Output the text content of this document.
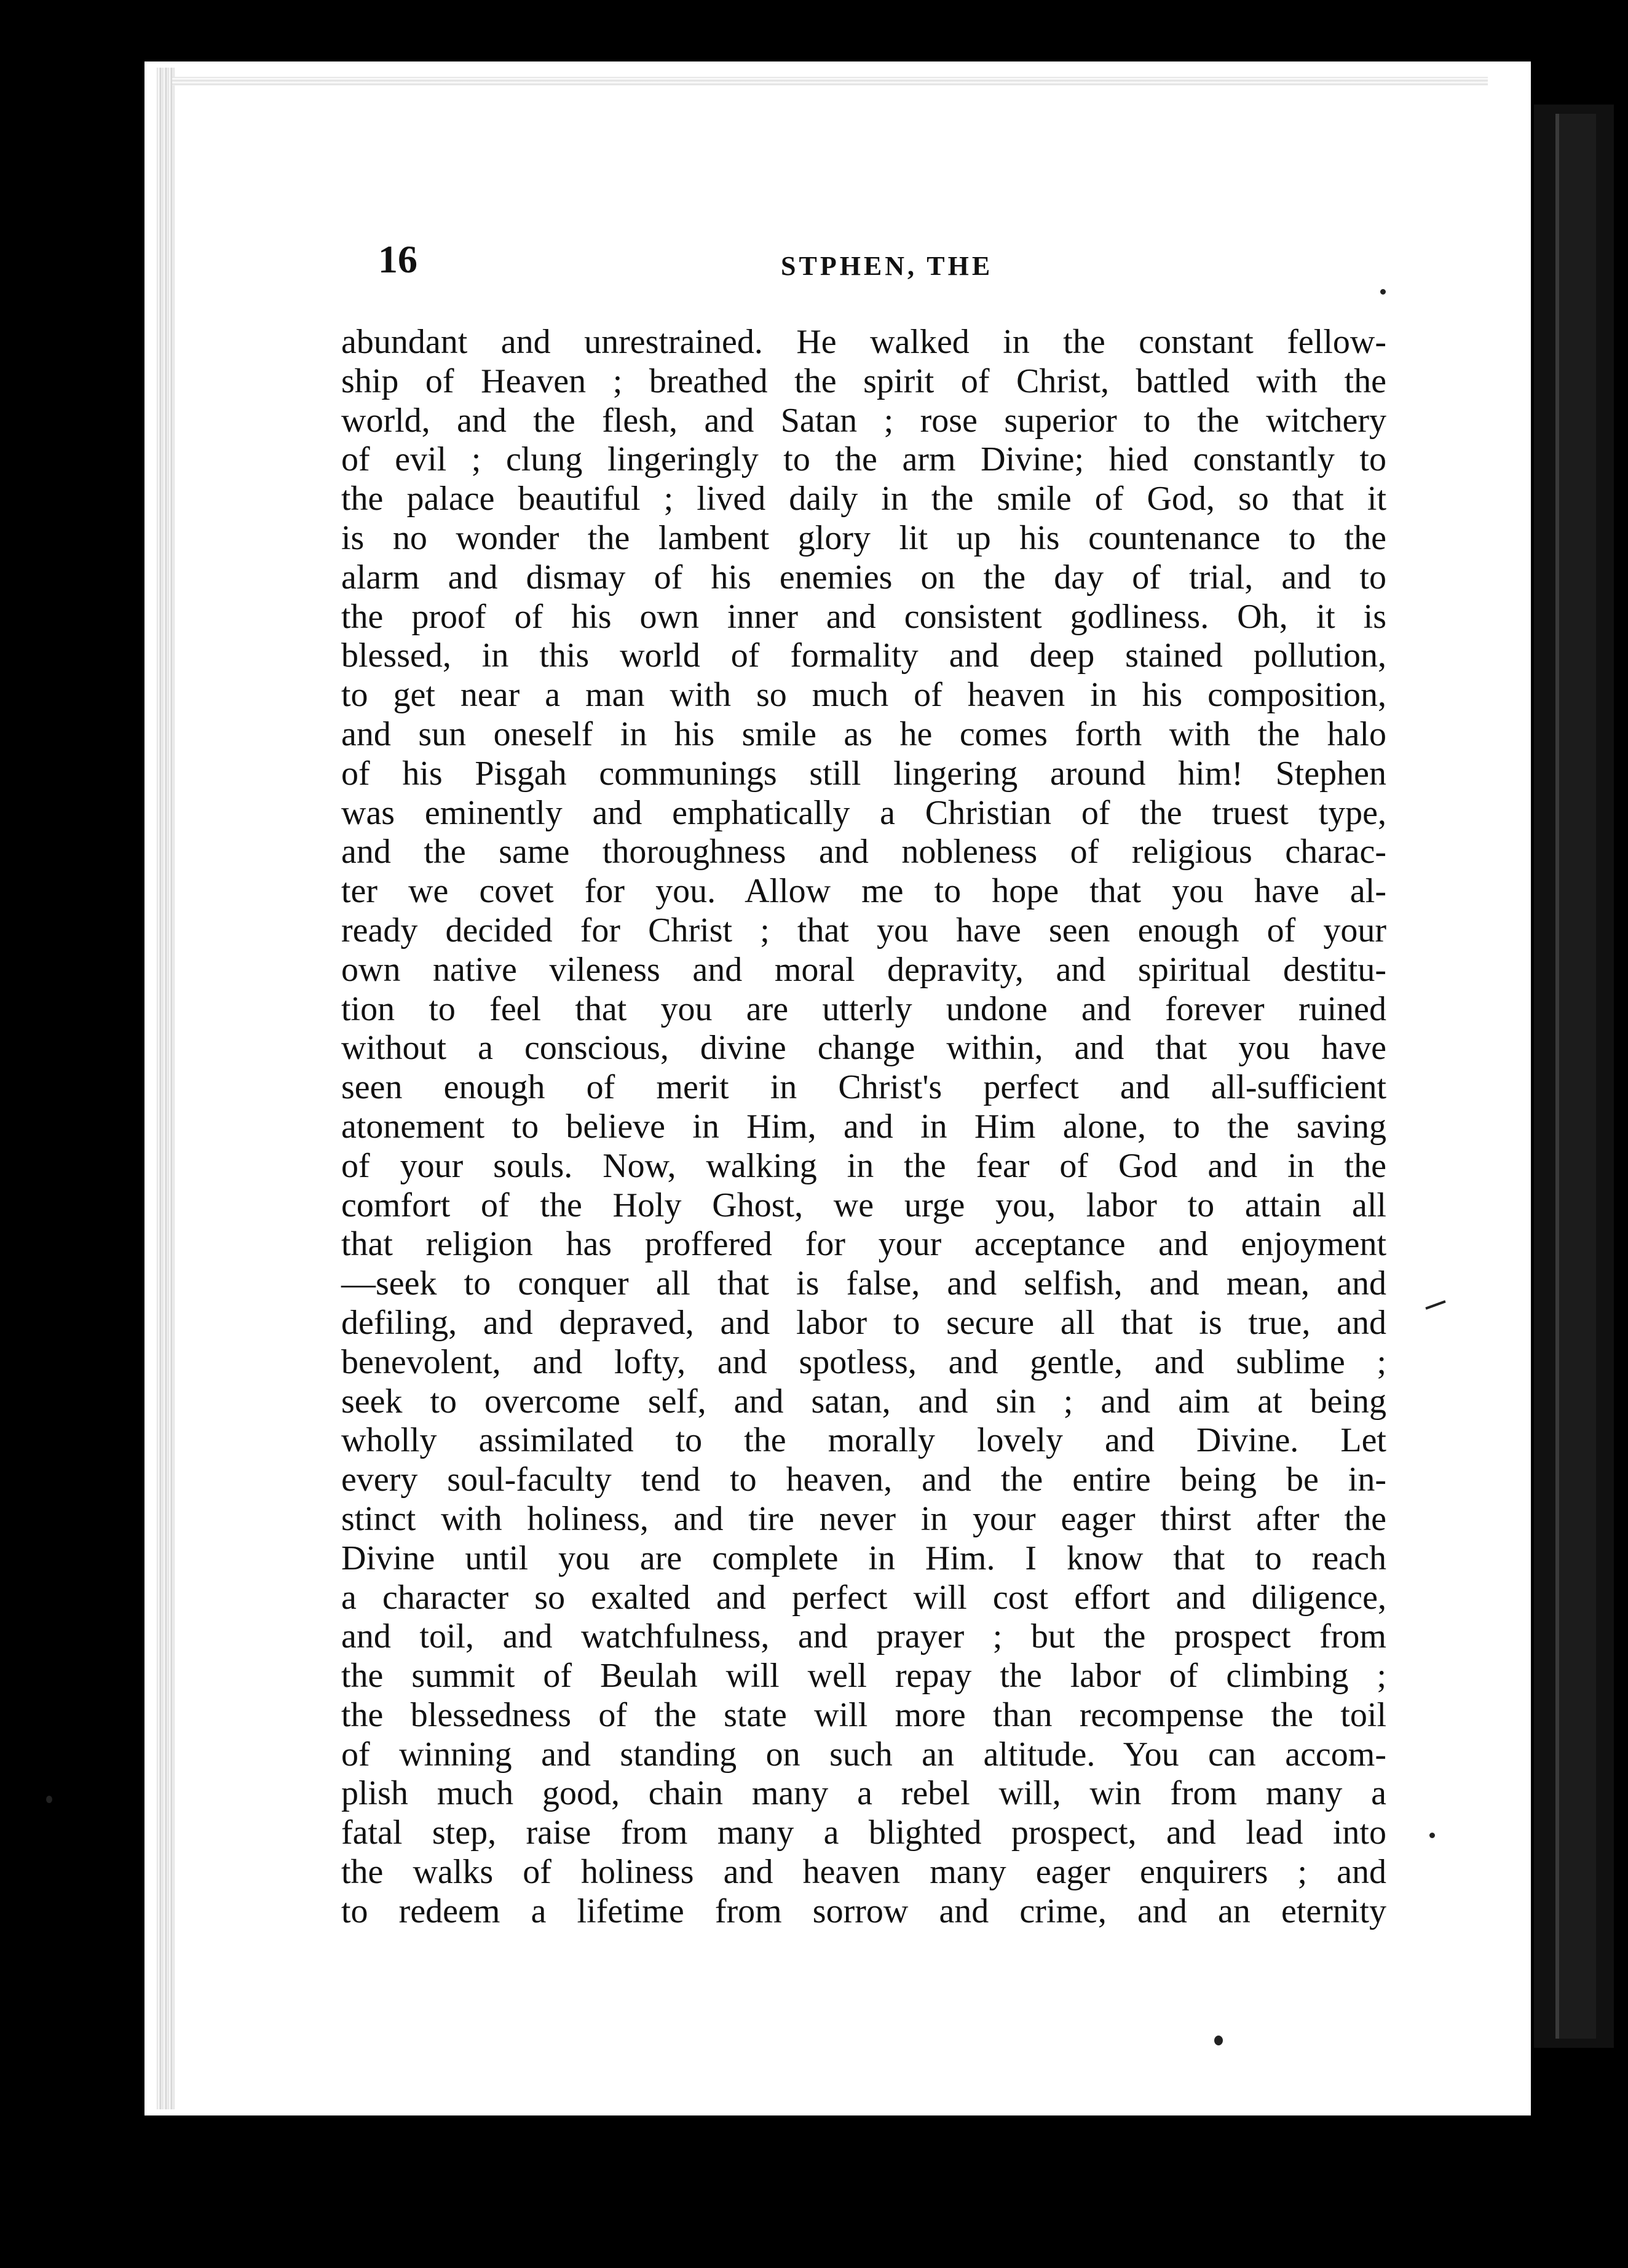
16	STPHEN, THE
abundant and unrestrained. He walked in the constant fellow-
ship of Heaven ; breathed the spirit of Christ, battled with the
world, and the flesh, and Satan ; rose superior to the witchery
of evil ; clung lingeringly to the arm Divine; hied constantly to
the palace beautiful ; lived daily in the smile of God, so that it
is no wonder the lambent glory lit up his countenance to the
alarm and dismay of his enemies on the day of trial, and to
the proof of his own inner and consistent godliness. Oh, it is
blessed, in this world of formality and deep stained pollution,
to get near a man with so much of heaven in his composition,
and sun oneself in his smile as he comes forth with the halo
of his Pisgah communings still lingering around him! Stephen
was eminently and emphatically a Christian of the truest type,
and the same thoroughness and nobleness of religious charac-
ter we covet for you. Allow me to hope that you have al-
ready decided for Christ ; that you have seen enough of your
own native vileness and moral depravity, and spiritual destitu-
tion to feel that you are utterly undone and forever ruined
without a conscious, divine change within, and that you have
seen enough of merit in Christ's perfect and all-sufficient
atonement to believe in Him, and in Him alone, to the saving
of your souls. Now, walking in the fear of God and in the
comfort of the Holy Ghost, we urge you, labor to attain all
that religion has proffered for your acceptance and enjoyment
—seek to conquer all that is false, and selfish, and mean, and
defiling, and depraved, and labor to secure all that is true, and
benevolent, and lofty, and spotless, and gentle, and sublime ;
seek to overcome self, and satan, and sin ; and aim at being
wholly assimilated to the morally lovely and Divine. Let
every soul-faculty tend to heaven, and the entire being be in-
stinct with holiness, and tire never in your eager thirst after the
Divine until you are complete in Him. I know that to reach
a character so exalted and perfect will cost effort and diligence,
and toil, and watchfulness, and prayer ; but the prospect from
the summit of Beulah will well repay the labor of climbing ;
the blessedness of the state will more than recompense the toil
of winning and standing on such an altitude. You can accom-
plish much good, chain many a rebel will, win from many a
fatal step, raise from many a blighted prospect, and lead into
the walks of holiness and heaven many eager enquirers ; and
to redeem a lifetime from sorrow and crime, and an eternity
